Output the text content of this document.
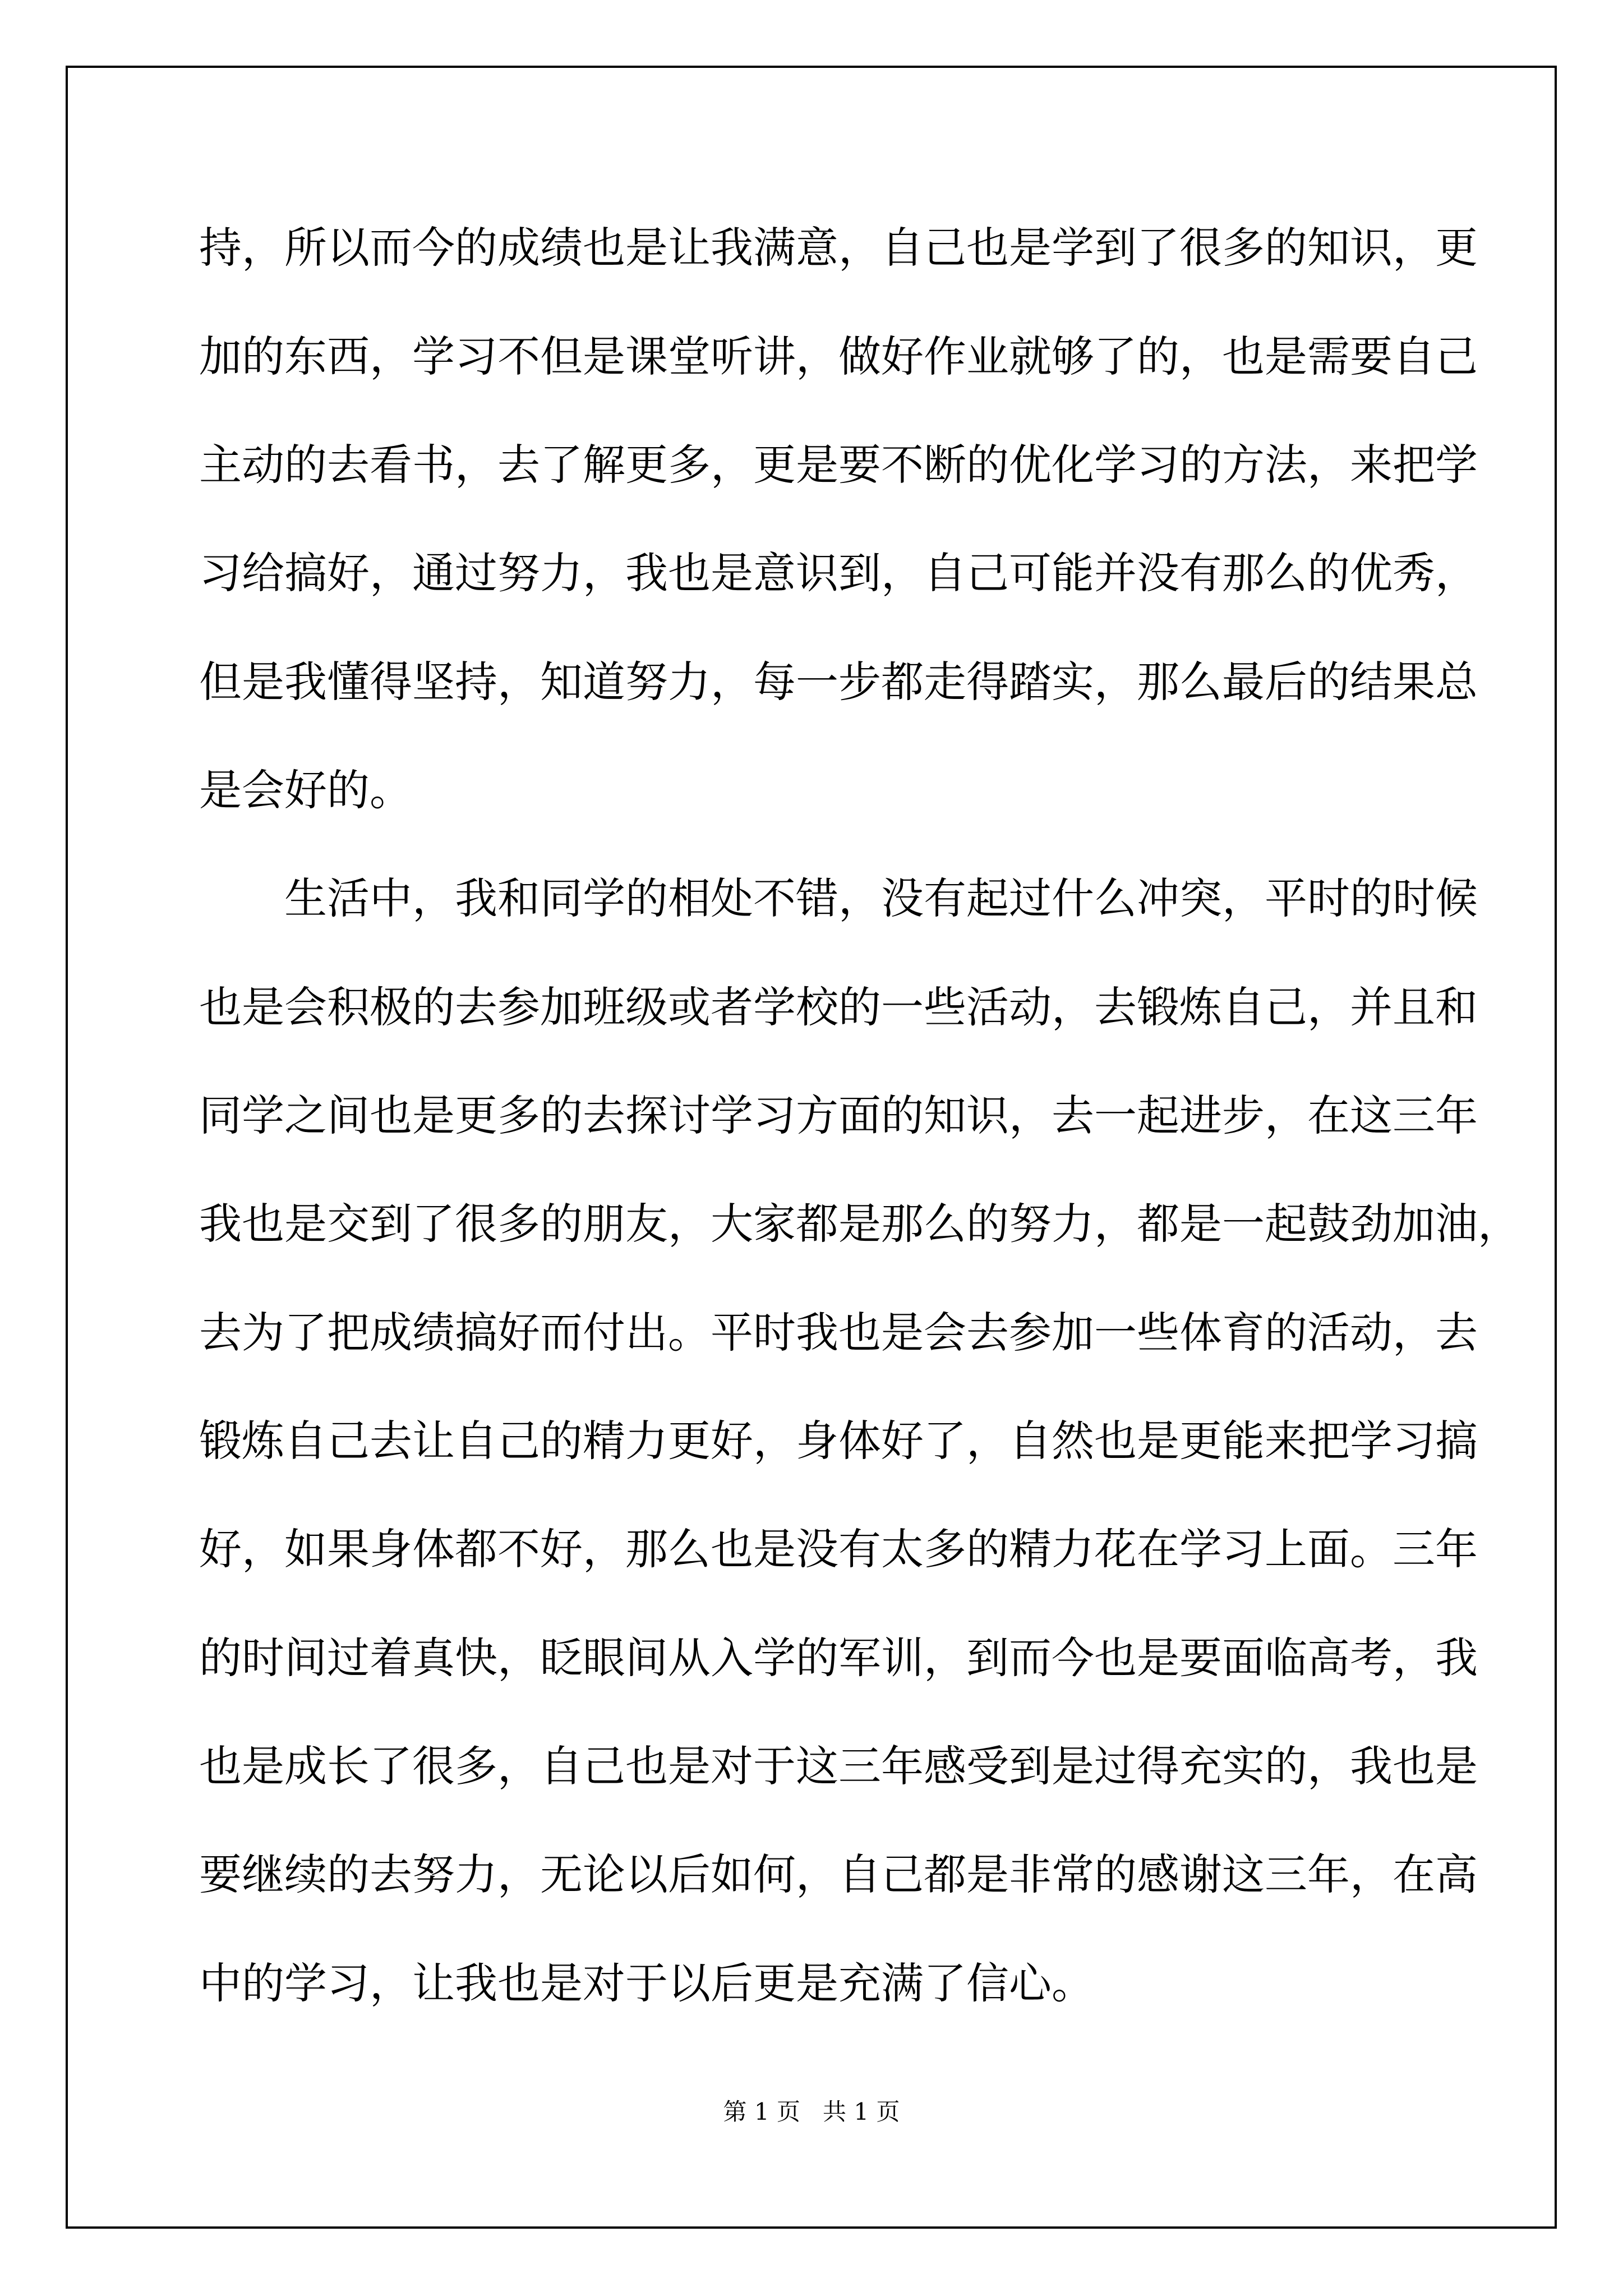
持，所以而今的成绩也是让我满意，自己也是学到了很多的知识，更

加的东西，学习不但是课堂听讲，做好作业就够了的，也是需要自己

主动的去看书，去了解更多，更是要不断的优化学习的方法，来把学

习给搞好，通过努力，我也是意识到，自己可能并没有那么的优秀，

但是我懂得坚持，知道努力，每一步都走得踏实，那么最后的结果总

是会好的。

生活中，我和同学的相处不错，没有起过什么冲突，平时的时候

也是会积极的去参加班级或者学校的一些活动，去锻炼自己，并且和

同学之间也是更多的去探讨学习方面的知识，去一起进步，在这三年

我也是交到了很多的朋友，大家都是那么的努力，都是一起鼓劲加油，

去为了把成绩搞好而付出。平时我也是会去参加一些体育的活动，去

锻炼自己去让自己的精力更好，身体好了，自然也是更能来把学习搞

好，如果身体都不好，那么也是没有太多的精力花在学习上面。三年

的时间过着真快，眨眼间从入学的军训，到而今也是要面临高考，我

也是成长了很多，自己也是对于这三年感受到是过得充实的，我也是

要继续的去努力，无论以后如何，自己都是非常的感谢这三年，在高

中的学习，让我也是对于以后更是充满了信心。

第 1 页   共 1 页
